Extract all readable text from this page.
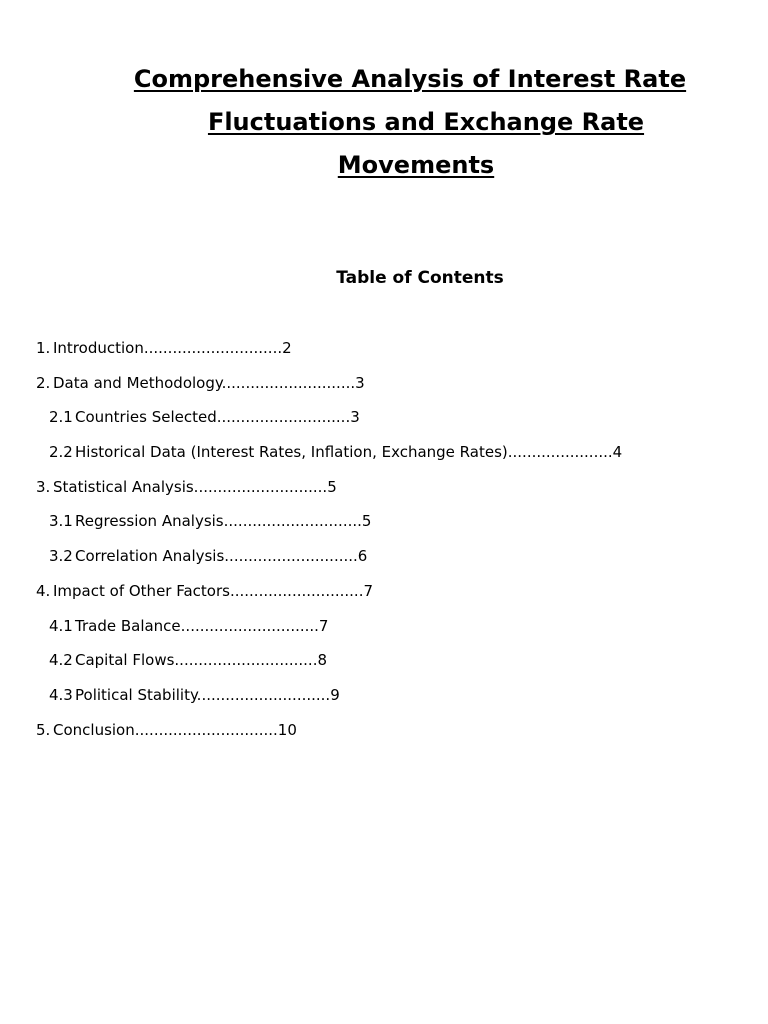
Comprehensive Analysis of Interest Rate
Fluctuations and Exchange Rate
Movements
Table of Contents
1. Introduction.............................2
2. Data and Methodology............................3
2.1 Countries Selected............................3
2.2 Historical Data (Interest Rates, Inflation, Exchange Rates)......................4
3. Statistical Analysis............................5
3.1 Regression Analysis.............................5
3.2 Correlation Analysis............................6
4. Impact of Other Factors............................7
4.1 Trade Balance.............................7
4.2 Capital Flows..............................8
4.3 Political Stability............................9
5. Conclusion..............................10
